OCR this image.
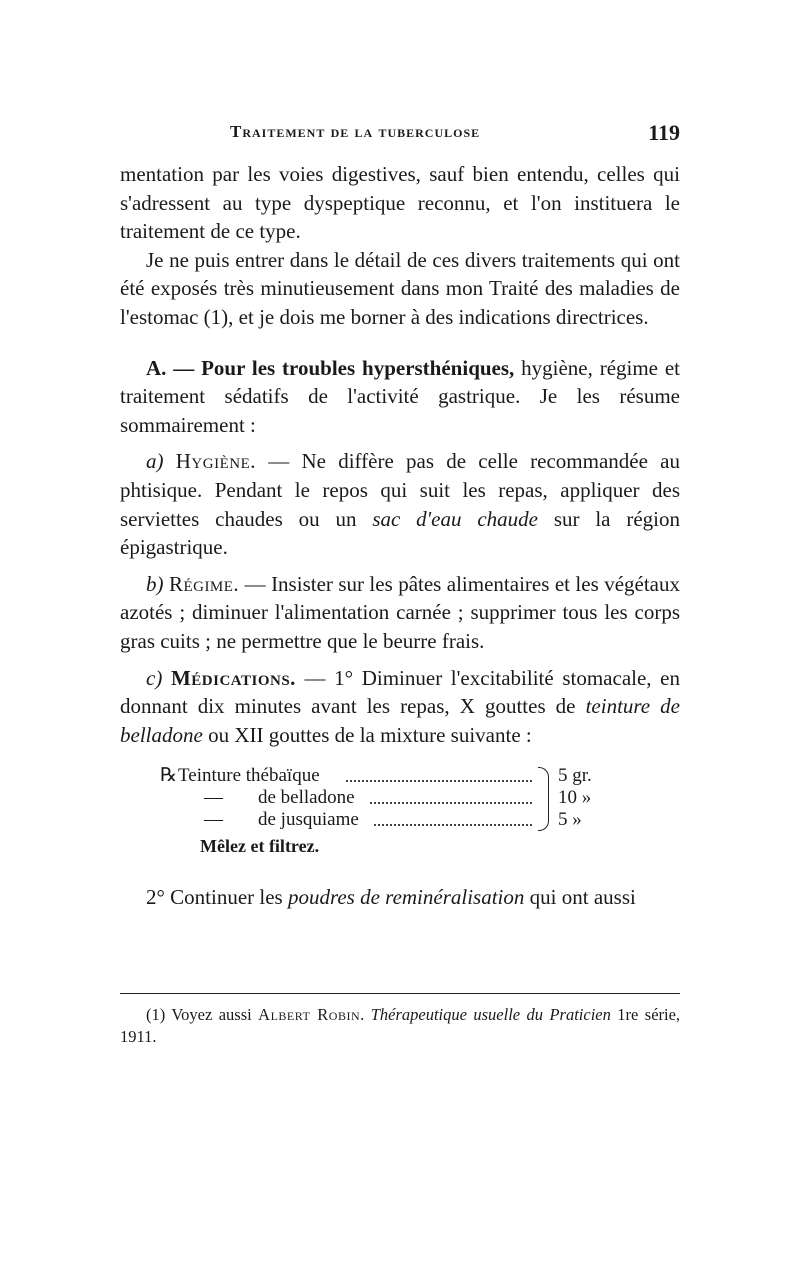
Traitement de la tuberculose	119

mentation par les voies digestives, sauf bien entendu, celles qui s'adressent au type dyspeptique reconnu, et l'on instituera le traitement de ce type.

Je ne puis entrer dans le détail de ces divers traitements qui ont été exposés très minutieusement dans mon Traité des maladies de l'estomac (1), et je dois me borner à des indications directrices.

A. — Pour les troubles hypersthéniques, hygiène, régime et traitement sédatifs de l'activité gastrique. Je les résume sommairement :

a) Hygiène. — Ne diffère pas de celle recommandée au phtisique. Pendant le repos qui suit les repas, appliquer des serviettes chaudes ou un sac d'eau chaude sur la région épigastrique.

b) Régime. — Insister sur les pâtes alimentaires et les végétaux azotés ; diminuer l'alimentation carnée ; supprimer tous les corps gras cuits ; ne permettre que le beurre frais.

c) Médications. — 1° Diminuer l'excitabilité stomacale, en donnant dix minutes avant les repas, X gouttes de teinture de belladone ou XII gouttes de la mixture suivante :

℞ Teinture thébaïque	5 gr.
— de belladone	10 »
— de jusquiame	5 »
Mêlez et filtrez.

2° Continuer les poudres de reminéralisation qui ont aussi

(1) Voyez aussi Albert Robin. Thérapeutique usuelle du Praticien 1re série, 1911.
